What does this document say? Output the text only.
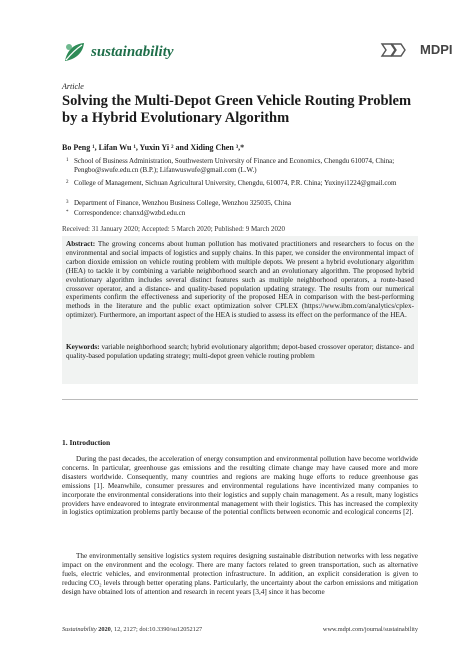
sustainability	MDPI
Article
Solving the Multi-Depot Green Vehicle Routing Problem by a Hybrid Evolutionary Algorithm
Bo Peng ¹, Lifan Wu ¹, Yuxin Yi ² and Xiding Chen ³,*
1 School of Business Administration, Southwestern University of Finance and Economics, Chengdu 610074, China; Pengbo@swufe.edu.cn (B.P.); Lifanwuswufe@gmail.com (L.W.)
2 College of Management, Sichuan Agricultural University, Chengdu, 610074, P.R. China; Yuxinyi1224@gmail.com
3 Department of Finance, Wenzhou Business College, Wenzhou 325035, China
* Correspondence: chanxd@wzbd.edu.cn
Received: 31 January 2020; Accepted: 5 March 2020; Published: 9 March 2020
Abstract: The growing concerns about human pollution has motivated practitioners and researchers to focus on the environmental and social impacts of logistics and supply chains. In this paper, we consider the environmental impact of carbon dioxide emission on vehicle routing problem with multiple depots. We present a hybrid evolutionary algorithm (HEA) to tackle it by combining a variable neighborhood search and an evolutionary algorithm. The proposed hybrid evolutionary algorithm includes several distinct features such as multiple neighborhood operators, a route-based crossover operator, and a distance- and quality-based population updating strategy. The results from our numerical experiments confirm the effectiveness and superiority of the proposed HEA in comparison with the best-performing methods in the literature and the public exact optimization solver CPLEX (https://www.ibm.com/analytics/cplex-optimizer). Furthermore, an important aspect of the HEA is studied to assess its effect on the performance of the HEA.
Keywords: variable neighborhood search; hybrid evolutionary algorithm; depot-based crossover operator; distance- and quality-based population updating strategy; multi-depot green vehicle routing problem
1. Introduction

During the past decades, the acceleration of energy consumption and environmental pollution have become worldwide concerns. In particular, greenhouse gas emissions and the resulting climate change may have caused more and more disasters worldwide. Consequently, many countries and regions are making huge efforts to reduce greenhouse gas emissions [1]. Meanwhile, consumer pressures and environmental regulations have incentivized many companies to incorporate the environmental considerations into their logistics and supply chain management. As a result, many logistics providers have endeavored to integrate environmental management with their logistics. This has increased the complexity in logistics optimization problems partly because of the potential conflicts between economic and ecological concerns [2].

The environmentally sensitive logistics system requires designing sustainable distribution networks with less negative impact on the environment and the ecology. There are many factors related to green transportation, such as alternative fuels, electric vehicles, and environmental protection infrastructure. In addition, an explicit consideration is given to reducing CO₂ levels through better operating plans. Particularly, the uncertainty about the carbon emissions and mitigation design have obtained lots of attention and research in recent years [3,4] since it has become

Sustainability 2020, 12, 2127; doi:10.3390/su12052127	www.mdpi.com/journal/sustainability
